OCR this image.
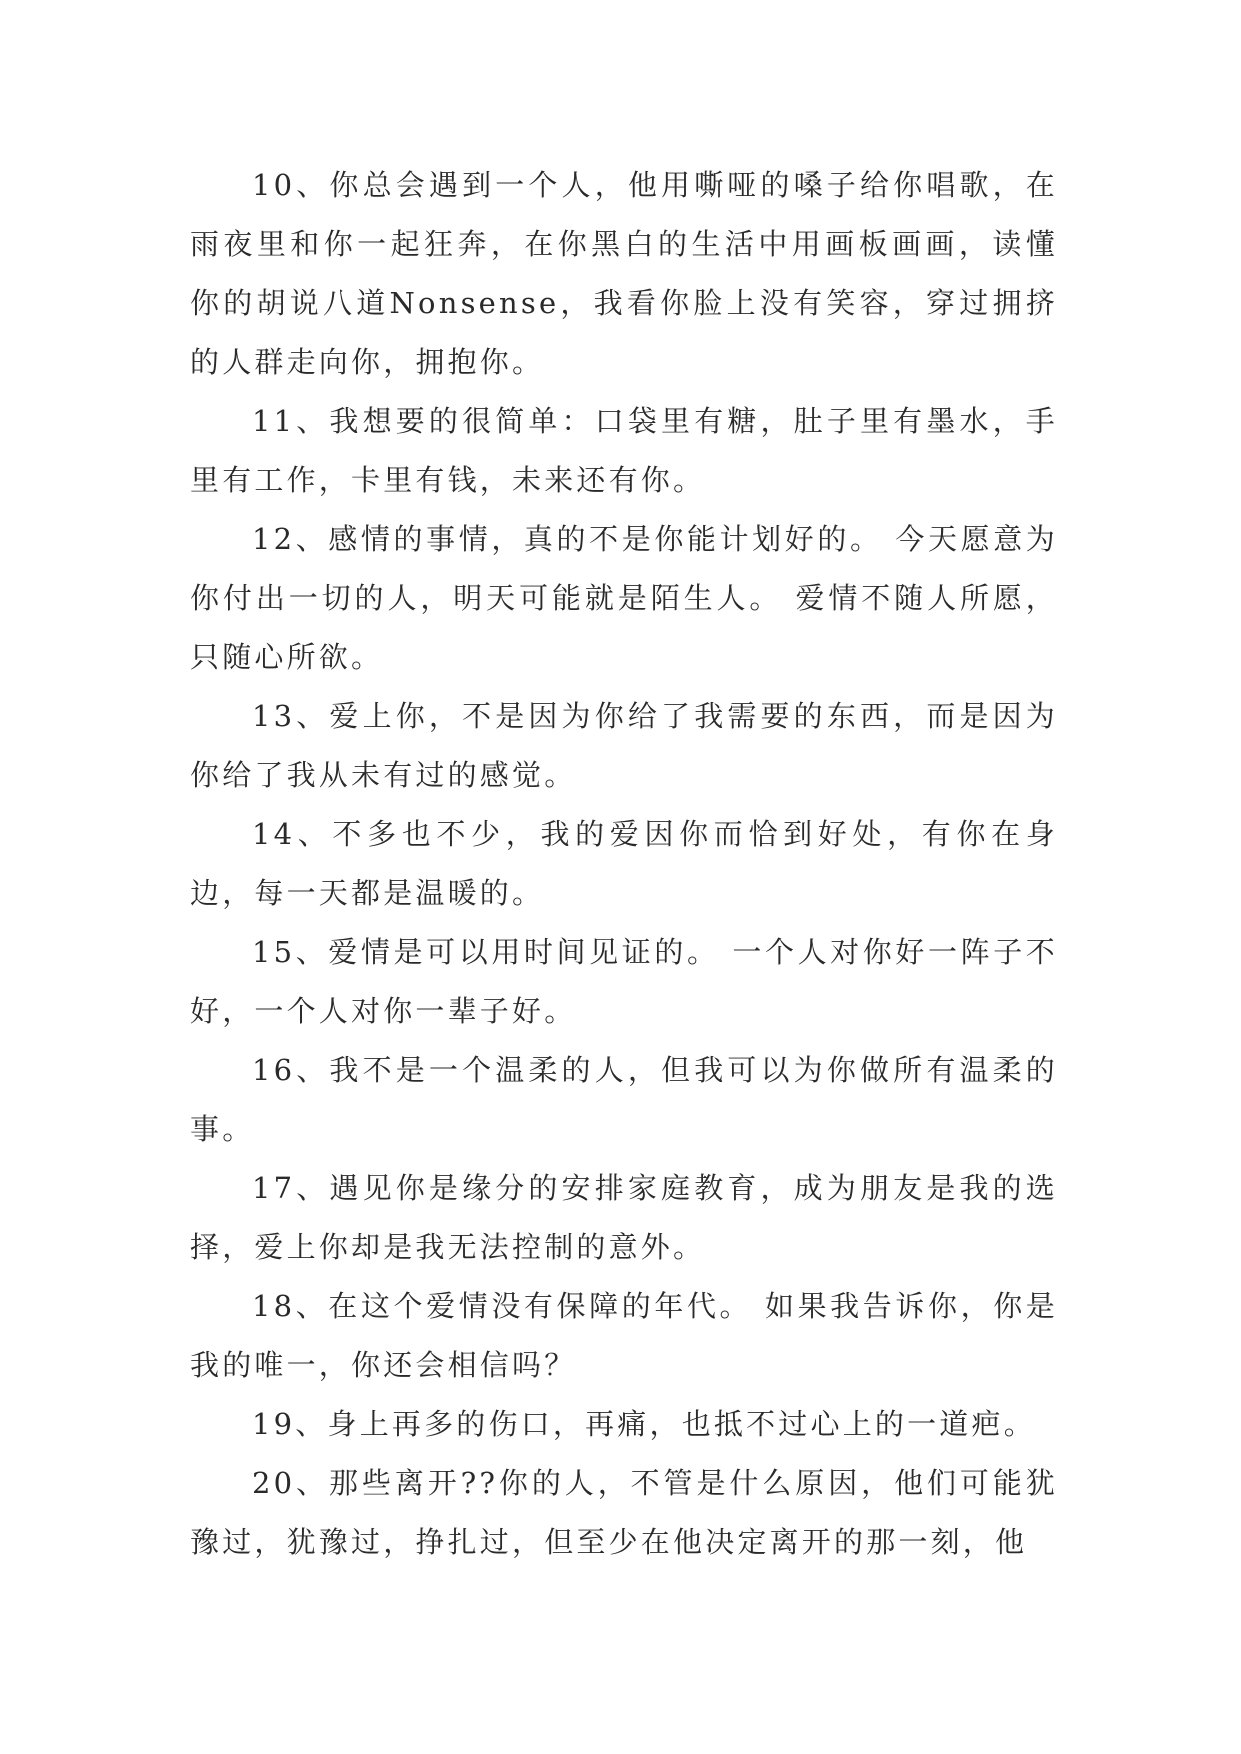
10、你总会遇到一个人，他用嘶哑的嗓子给你唱歌，在雨夜里和你一起狂奔，在你黑白的生活中用画板画画，读懂你的胡说八道Nonsense，我看你脸上没有笑容，穿过拥挤的人群走向你，拥抱你。

11、我想要的很简单：口袋里有糖，肚子里有墨水，手里有工作，卡里有钱，未来还有你。

12、感情的事情，真的不是你能计划好的。 今天愿意为你付出一切的人，明天可能就是陌生人。 爱情不随人所愿，只随心所欲。

13、爱上你，不是因为你给了我需要的东西，而是因为你给了我从未有过的感觉。

14、不多也不少，我的爱因你而恰到好处，有你在身边，每一天都是温暖的。

15、爱情是可以用时间见证的。 一个人对你好一阵子不好，一个人对你一辈子好。

16、我不是一个温柔的人，但我可以为你做所有温柔的事。

17、遇见你是缘分的安排家庭教育，成为朋友是我的选择，爱上你却是我无法控制的意外。

18、在这个爱情没有保障的年代。 如果我告诉你，你是我的唯一，你还会相信吗？

19、身上再多的伤口，再痛，也抵不过心上的一道疤。

20、那些离开??你的人，不管是什么原因，他们可能犹豫过，犹豫过，挣扎过，但至少在他决定离开的那一刻，他
